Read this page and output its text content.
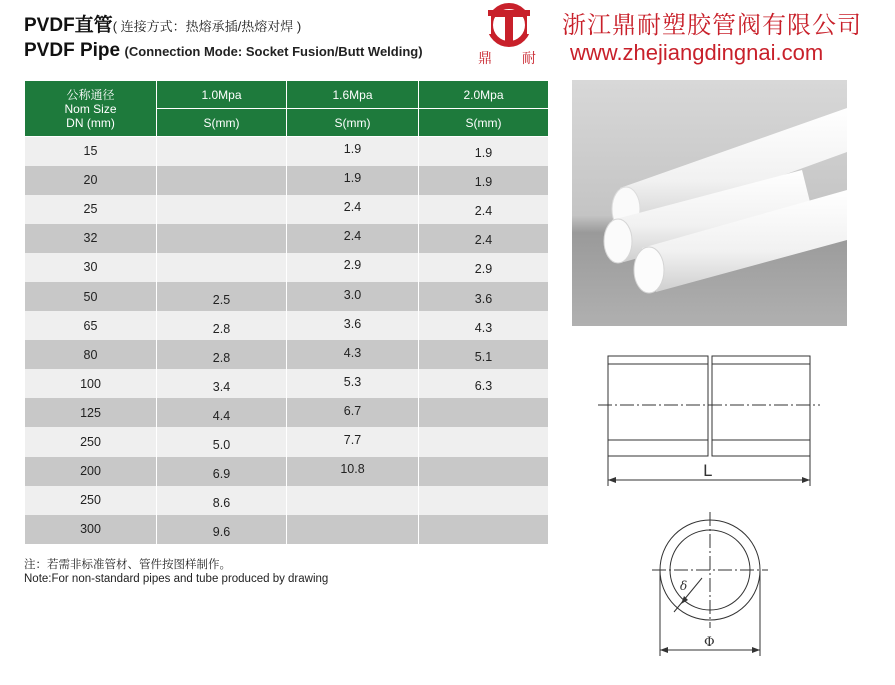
PVDF直管( 连接方式：热熔承插/热熔对焊 )
PVDF Pipe (Connection Mode: Socket Fusion/Butt Welding)	鼎 耐
浙江鼎耐塑胶管阀有限公司
www.zhejiangdingnai.com
公称通径
Nom Size
DN (mm)	1.0Mpa	1.6Mpa	2.0Mpa
	S(mm)	S(mm)	S(mm)
15		1.9	1.9
20		1.9	1.9
25		2.4	2.4
32		2.4	2.4
30		2.9	2.9
50	2.5	3.0	3.6
65	2.8	3.6	4.3
80	2.8	4.3	5.1
100	3.4	5.3	6.3
125	4.4	6.7	
250	5.0	7.7	
200	6.9	10.8	
250	8.6		
300	9.6		
注：若需非标准管材、管件按图样制作。
Note:For non-standard pipes and tube produced by drawing
L
δ
Φ
